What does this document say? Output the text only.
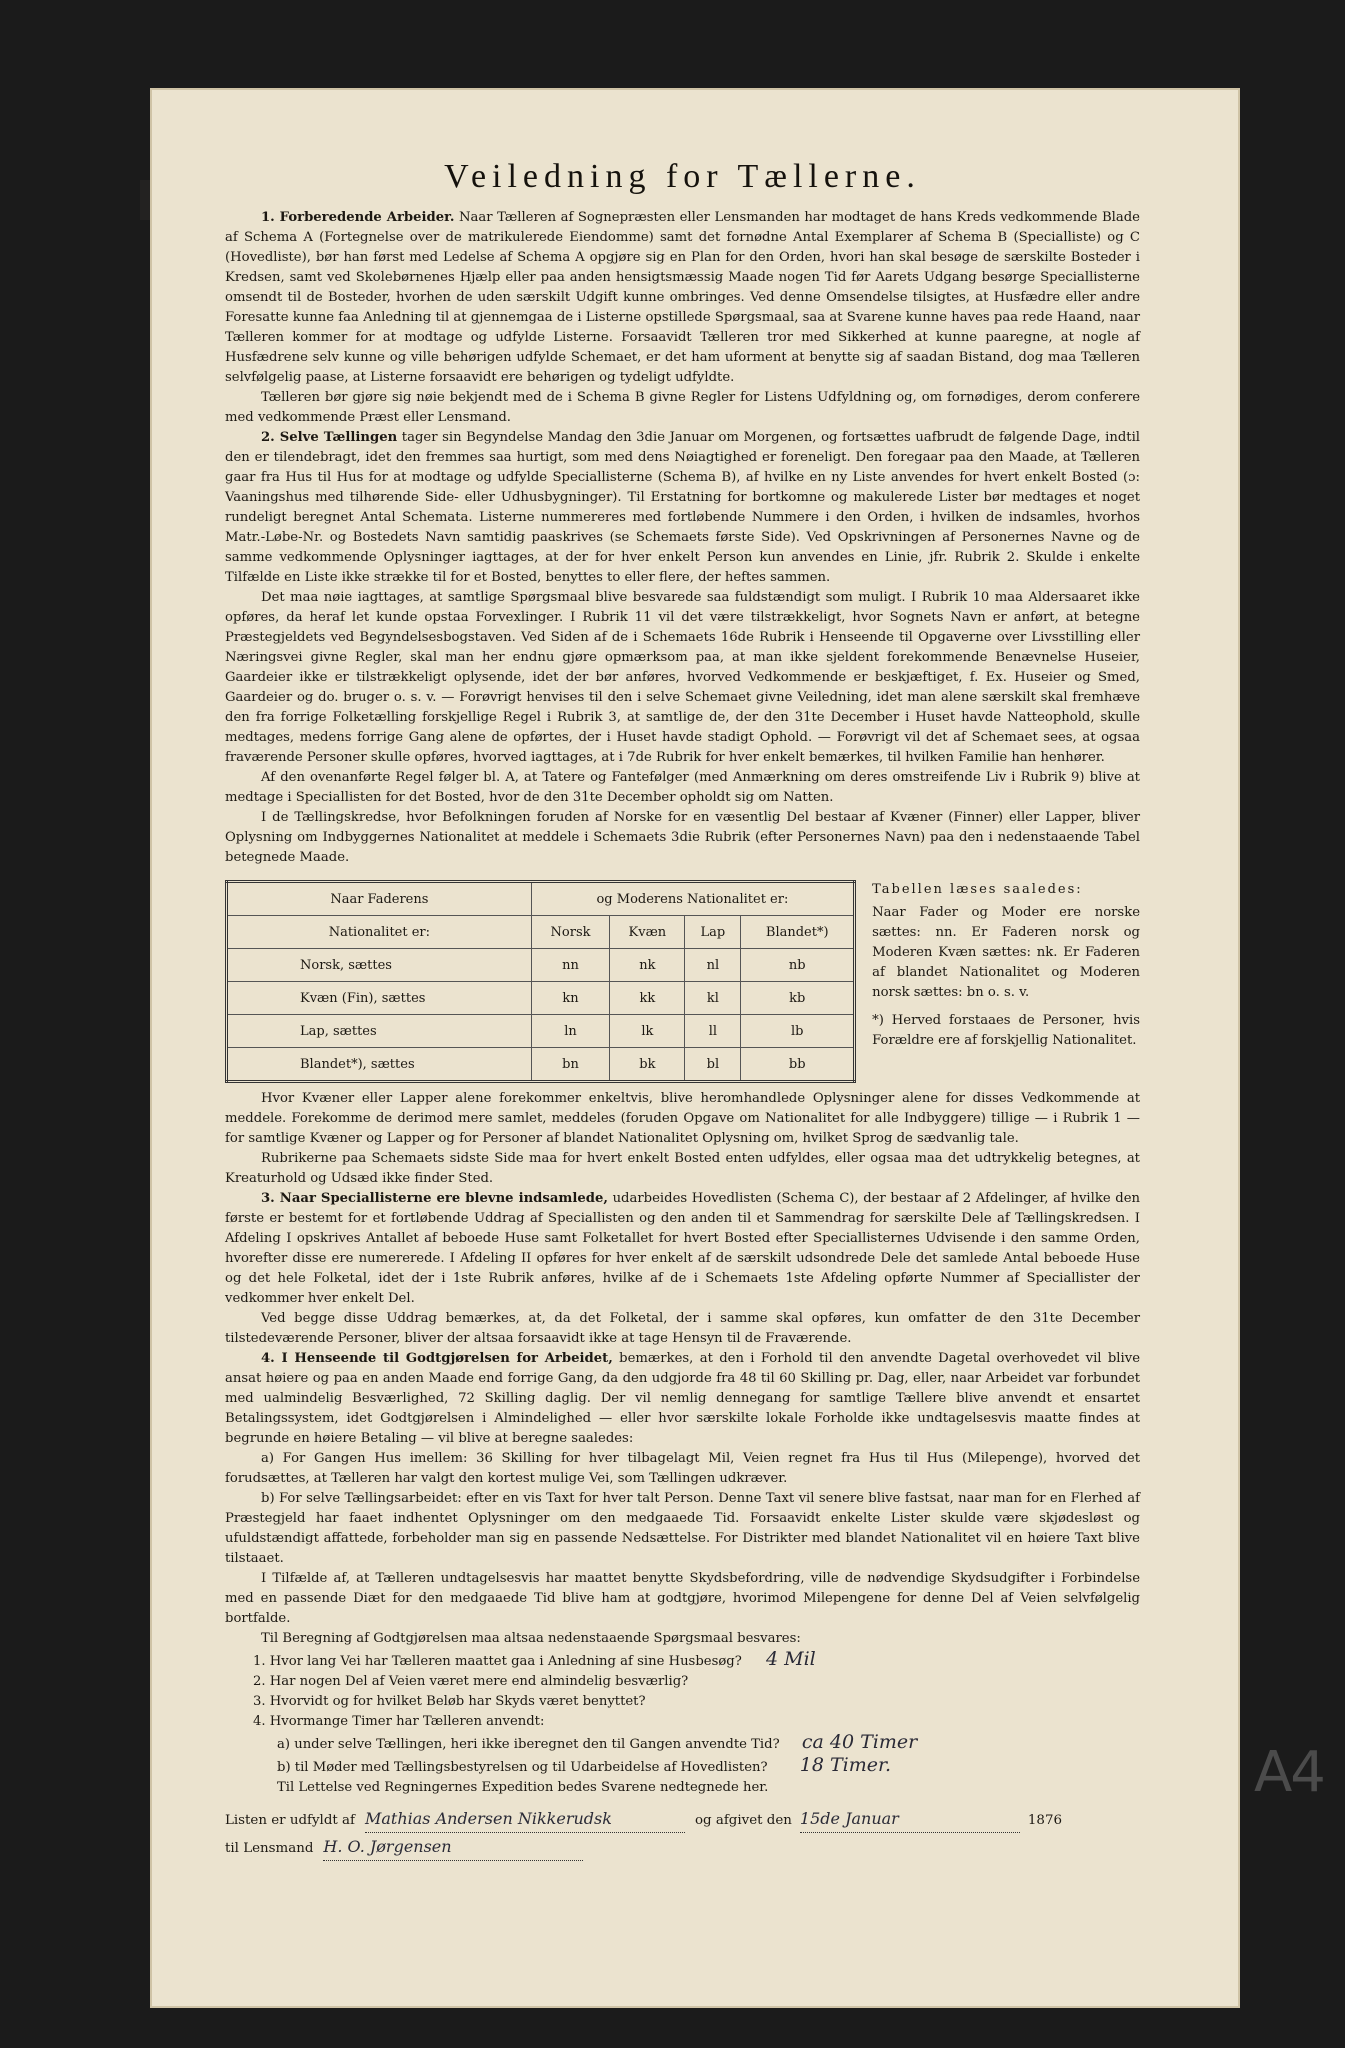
Veiledning for Tællerne.

1. Forberedende Arbeider. Naar Tælleren af Sognepræsten eller Lensmanden har modtaget de hans Kreds vedkommende Blade af Schema A (Fortegnelse over de matrikulerede Eiendomme) samt det fornødne Antal Exemplarer af Schema B (Specialliste) og C (Hovedliste), bør han først med Ledelse af Schema A opgjøre sig en Plan for den Orden, hvori han skal besøge de særskilte Bosteder i Kredsen, samt ved Skolebørnenes Hjælp eller paa anden hensigtsmæssig Maade nogen Tid før Aarets Udgang besørge Speciallisterne omsendt til de Bosteder, hvorhen de uden særskilt Udgift kunne ombringes. Ved denne Omsendelse tilsigtes, at Husfædre eller andre Foresatte kunne faa Anledning til at gjennemgaa de i Listerne opstillede Spørgsmaal, saa at Svarene kunne haves paa rede Haand, naar Tælleren kommer for at modtage og udfylde Listerne. Forsaavidt Tælleren tror med Sikkerhed at kunne paaregne, at nogle af Husfædrene selv kunne og ville behørigen udfylde Schemaet, er det ham uforment at benytte sig af saadan Bistand, dog maa Tælleren selvfølgelig paase, at Listerne forsaavidt ere behørigen og tydeligt udfyldte.

Tælleren bør gjøre sig nøie bekjendt med de i Schema B givne Regler for Listens Udfyldning og, om fornødiges, derom conferere med vedkommende Præst eller Lensmand.

2. Selve Tællingen tager sin Begyndelse Mandag den 3die Januar om Morgenen, og fortsættes uafbrudt de følgende Dage, indtil den er tilendebragt, idet den fremmes saa hurtigt, som med dens Nøiagtighed er foreneligt. Den foregaar paa den Maade, at Tælleren gaar fra Hus til Hus for at modtage og udfylde Speciallisterne (Schema B), af hvilke en ny Liste anvendes for hvert enkelt Bosted (ɔ: Vaaningshus med tilhørende Side- eller Udhusbygninger). Til Erstatning for bortkomne og makulerede Lister bør medtages et noget rundeligt beregnet Antal Schemata. Listerne nummereres med fortløbende Nummere i den Orden, i hvilken de indsamles, hvorhos Matr.-Løbe-Nr. og Bostedets Navn samtidig paaskrives (se Schemaets første Side). Ved Opskrivningen af Personernes Navne og de samme vedkommende Oplysninger iagttages, at der for hver enkelt Person kun anvendes en Linie, jfr. Rubrik 2. Skulde i enkelte Tilfælde en Liste ikke strække til for et Bosted, benyttes to eller flere, der heftes sammen.

Det maa nøie iagttages, at samtlige Spørgsmaal blive besvarede saa fuldstændigt som muligt. I Rubrik 10 maa Aldersaaret ikke opføres, da heraf let kunde opstaa Forvexlinger. I Rubrik 11 vil det være tilstrækkeligt, hvor Sognets Navn er anført, at betegne Præstegjeldets ved Begyndelsesbogstaven. Ved Siden af de i Schemaets 16de Rubrik i Henseende til Opgaverne over Livsstilling eller Næringsvei givne Regler, skal man her endnu gjøre opmærksom paa, at man ikke sjeldent forekommende Benævnelse Huseier, Gaardeier ikke er tilstrækkeligt oplysende, idet der bør anføres, hvorved Vedkommende er beskjæftiget, f. Ex. Huseier og Smed, Gaardeier og do. bruger o. s. v. — Forøvrigt henvises til den i selve Schemaet givne Veiledning, idet man alene særskilt skal fremhæve den fra forrige Folketælling forskjellige Regel i Rubrik 3, at samtlige de, der den 31te December i Huset havde Natteophold, skulle medtages, medens forrige Gang alene de opførtes, der i Huset havde stadigt Ophold. — Forøvrigt vil det af Schemaet sees, at ogsaa fraværende Personer skulle opføres, hvorved iagttages, at i 7de Rubrik for hver enkelt bemærkes, til hvilken Familie han henhører.

Af den ovenanførte Regel følger bl. A, at Tatere og Fantefølger (med Anmærkning om deres omstreifende Liv i Rubrik 9) blive at medtage i Speciallisten for det Bosted, hvor de den 31te December opholdt sig om Natten.

I de Tællingskredse, hvor Befolkningen foruden af Norske for en væsentlig Del bestaar af Kvæner (Finner) eller Lapper, bliver Oplysning om Indbyggernes Nationalitet at meddele i Schemaets 3die Rubrik (efter Personernes Navn) paa den i nedenstaaende Tabel betegnede Maade.

Naar Faderens	og Moderens Nationalitet er:			
Nationalitet er:	Norsk	Kvæn	Lap	Blandet*)
Norsk, sættes	nn	nk	nl	nb
Kvæn (Fin), sættes	kn	kk	kl	kb
Lap, sættes	ln	lk	ll	lb
Blandet*), sættes	bn	bk	bl	bb
Tabellen læses saaledes:

Naar Fader og Moder ere norske sættes: nn. Er Faderen norsk og Moderen Kvæn sættes: nk. Er Faderen af blandet Nationalitet og Moderen norsk sættes: bn o. s. v.

*) Herved forstaaes de Personer, hvis Forældre ere af forskjellig Nationalitet.

Hvor Kvæner eller Lapper alene forekommer enkeltvis, blive heromhandlede Oplysninger alene for disses Vedkommende at meddele. Forekomme de derimod mere samlet, meddeles (foruden Opgave om Nationalitet for alle Indbyggere) tillige — i Rubrik 1 — for samtlige Kvæner og Lapper og for Personer af blandet Nationalitet Oplysning om, hvilket Sprog de sædvanlig tale.

Rubrikerne paa Schemaets sidste Side maa for hvert enkelt Bosted enten udfyldes, eller ogsaa maa det udtrykkelig betegnes, at Kreaturhold og Udsæd ikke finder Sted.

3. Naar Speciallisterne ere blevne indsamlede, udarbeides Hovedlisten (Schema C), der bestaar af 2 Afdelinger, af hvilke den første er bestemt for et fortløbende Uddrag af Speciallisten og den anden til et Sammendrag for særskilte Dele af Tællingskredsen. I Afdeling I opskrives Antallet af beboede Huse samt Folketallet for hvert Bosted efter Speciallisternes Udvisende i den samme Orden, hvorefter disse ere numererede. I Afdeling II opføres for hver enkelt af de særskilt udsondrede Dele det samlede Antal beboede Huse og det hele Folketal, idet der i 1ste Rubrik anføres, hvilke af de i Schemaets 1ste Afdeling opførte Nummer af Speciallister der vedkommer hver enkelt Del.

Ved begge disse Uddrag bemærkes, at, da det Folketal, der i samme skal opføres, kun omfatter de den 31te December tilstedeværende Personer, bliver der altsaa forsaavidt ikke at tage Hensyn til de Fraværende.

4. I Henseende til Godtgjørelsen for Arbeidet, bemærkes, at den i Forhold til den anvendte Dagetal overhovedet vil blive ansat høiere og paa en anden Maade end forrige Gang, da den udgjorde fra 48 til 60 Skilling pr. Dag, eller, naar Arbeidet var forbundet med ualmindelig Besværlighed, 72 Skilling daglig. Der vil nemlig dennegang for samtlige Tællere blive anvendt et ensartet Betalingssystem, idet Godtgjørelsen i Almindelighed — eller hvor særskilte lokale Forholde ikke undtagelsesvis maatte findes at begrunde en høiere Betaling — vil blive at beregne saaledes:

a) For Gangen Hus imellem: 36 Skilling for hver tilbagelagt Mil, Veien regnet fra Hus til Hus (Milepenge), hvorved det forudsættes, at Tælleren har valgt den kortest mulige Vei, som Tællingen udkræver.

b) For selve Tællingsarbeidet: efter en vis Taxt for hver talt Person. Denne Taxt vil senere blive fastsat, naar man for en Flerhed af Præstegjeld har faaet indhentet Oplysninger om den medgaaede Tid. Forsaavidt enkelte Lister skulde være skjødesløst og ufuldstændigt affattede, forbeholder man sig en passende Nedsættelse. For Distrikter med blandet Nationalitet vil en høiere Taxt blive tilstaaet.

I Tilfælde af, at Tælleren undtagelsesvis har maattet benytte Skydsbefordring, ville de nødvendige Skydsudgifter i Forbindelse med en passende Diæt for den medgaaede Tid blive ham at godtgjøre, hvorimod Milepengene for denne Del af Veien selvfølgelig bortfalde.

Til Beregning af Godtgjørelsen maa altsaa nedenstaaende Spørgsmaal besvares:

1. Hvor lang Vei har Tælleren maattet gaa i Anledning af sine Husbesøg? 4 Mil
2. Har nogen Del af Veien været mere end almindelig besværlig?
3. Hvorvidt og for hvilket Beløb har Skyds været benyttet?
4. Hvormange Timer har Tælleren anvendt:
a) under selve Tællingen, heri ikke iberegnet den til Gangen anvendte Tid? ca 40 Timer
b) til Møder med Tællingsbestyrelsen og til Udarbeidelse af Hovedlisten? 18 Timer.
Til Lettelse ved Regningernes Expedition bedes Svarene nedtegnede her.
Listen er udfyldt af Mathias Andersen Nikkerudsk	og afgivet den 15de Januar	1876
til Lensmand H. O. Jørgensen
A4
